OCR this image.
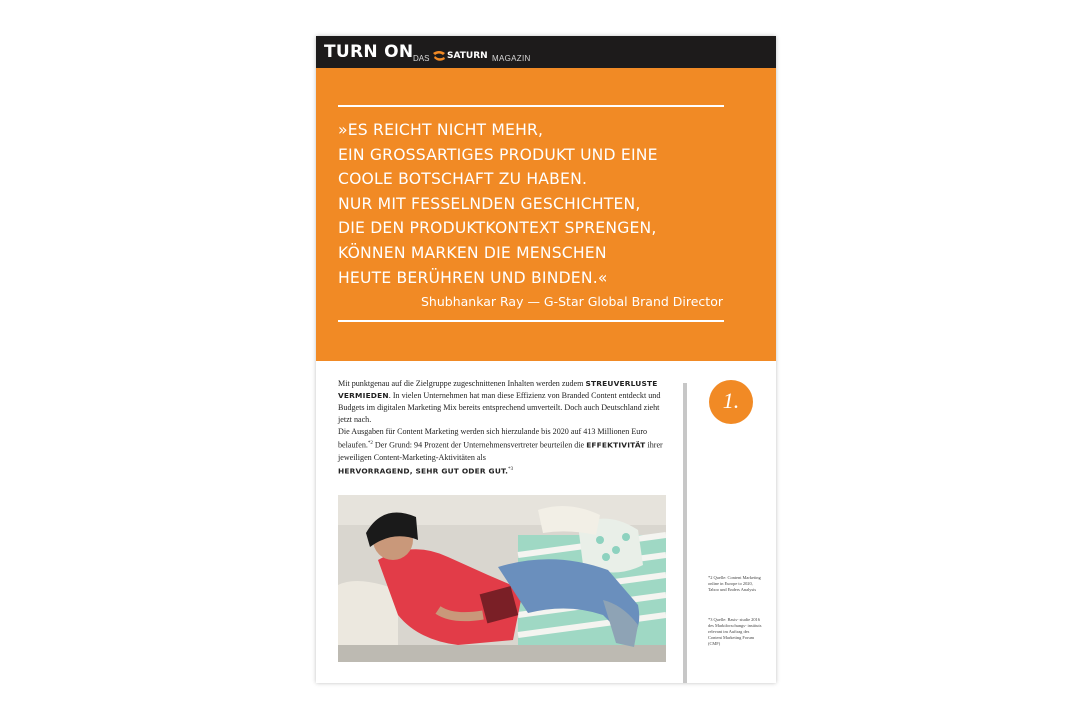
TURN ON DAS SATURN MAGAZIN
»ES REICHT NICHT MEHR,
EIN GROSSARTIGES PRODUKT UND EINE
COOLE BOTSCHAFT ZU HABEN.
NUR MIT FESSELNDEN GESCHICHTEN,
DIE DEN PRODUKTKONTEXT SPRENGEN,
KÖNNEN MARKEN DIE MENSCHEN
HEUTE BERÜHREN UND BINDEN.«
Shubhankar Ray — G-Star Global Brand Director
Mit punktgenau auf die Zielgruppe zugeschnittenen Inhalten werden zudem STREUVERLUSTE VERMIEDEN. In vielen Unternehmen hat man diese Effizienz von Branded Content entdeckt und Budgets im digitalen Marketing Mix bereits entsprechend umverteilt. Doch auch Deutschland zieht jetzt nach.
Die Ausgaben für Content Marketing werden sich hierzulande bis 2020 auf 413 Millionen Euro belaufen.$^{*2}$ Der Grund: 94 Prozent der Unternehmensvertreter beurteilen die EFFEKTIVITÄT ihrer jeweiligen Content-Marketing-Aktivitäten als
HERVORRAGEND, SEHR GUT ODER GUT.$^{*3}$
1.
*2 Quelle: Content Marketing online in Europe to 2020, Taboo und Enders Analysis
*3 Quelle: Basis- studie 2016 des Marktforschungs- instituts relevant im Auftrag des Content Marketing Forum (CMF)
